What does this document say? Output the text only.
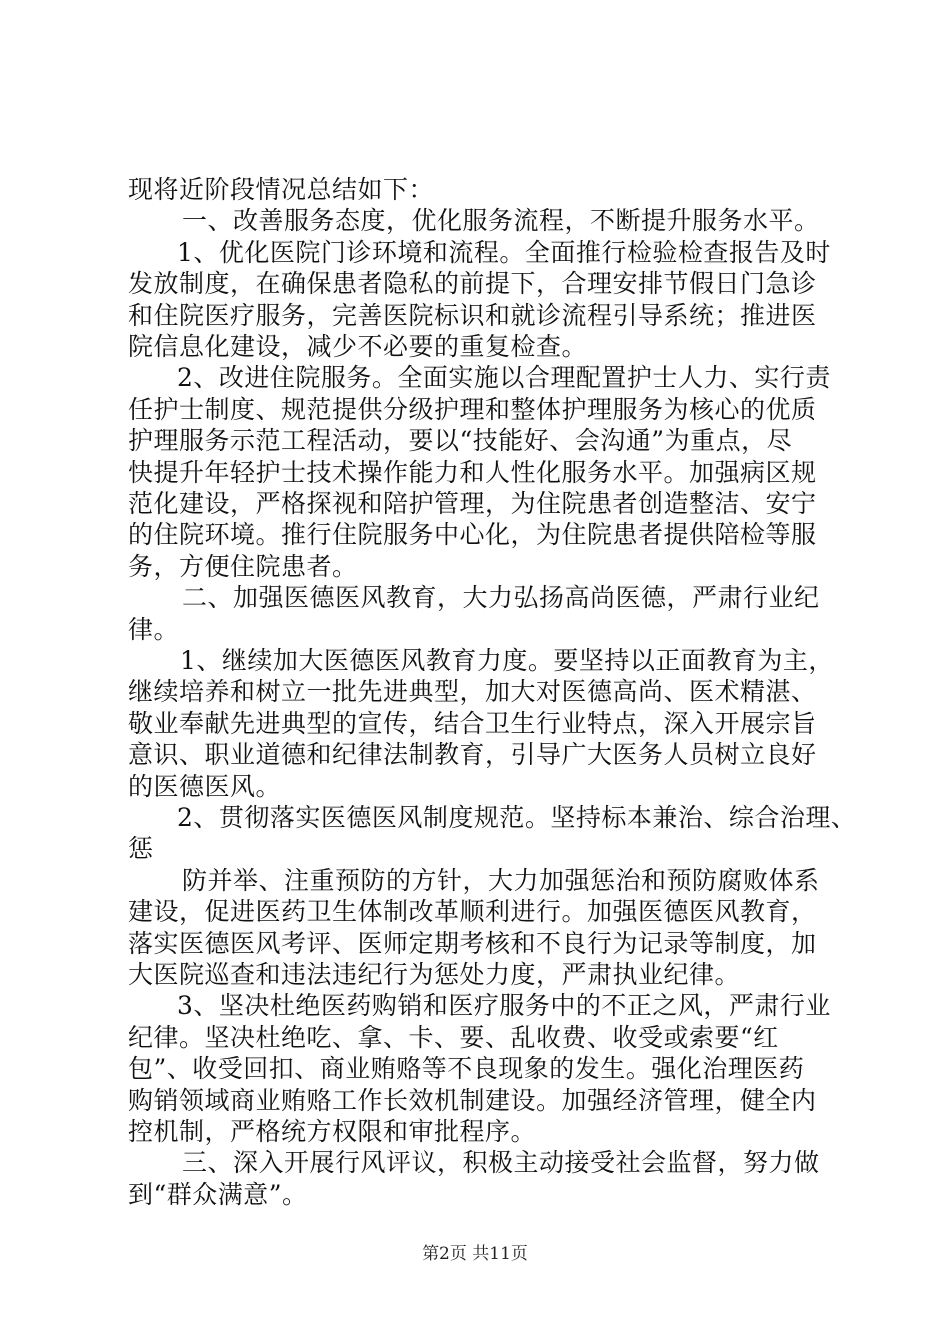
现将近阶段情况总结如下：
一、改善服务态度，优化服务流程，不断提升服务水平。
1、优化医院门诊环境和流程。全面推行检验检查报告及时
发放制度，在确保患者隐私的前提下，合理安排节假日门急诊
和住院医疗服务，完善医院标识和就诊流程引导系统；推进医
院信息化建设，减少不必要的重复检查。
2、改进住院服务。全面实施以合理配置护士人力、实行责
任护士制度、规范提供分级护理和整体护理服务为核心的优质
护理服务示范工程活动，要以“技能好、会沟通”为重点，尽
快提升年轻护士技术操作能力和人性化服务水平。加强病区规
范化建设，严格探视和陪护管理，为住院患者创造整洁、安宁
的住院环境。推行住院服务中心化，为住院患者提供陪检等服
务，方便住院患者。
二、加强医德医风教育，大力弘扬高尚医德，严肃行业纪
律。
1、继续加大医德医风教育力度。要坚持以正面教育为主，
继续培养和树立一批先进典型，加大对医德高尚、医术精湛、
敬业奉献先进典型的宣传，结合卫生行业特点，深入开展宗旨
意识、职业道德和纪律法制教育，引导广大医务人员树立良好
的医德医风。
2、贯彻落实医德医风制度规范。坚持标本兼治、综合治理、
惩
防并举、注重预防的方针，大力加强惩治和预防腐败体系
建设，促进医药卫生体制改革顺利进行。加强医德医风教育，
落实医德医风考评、医师定期考核和不良行为记录等制度，加
大医院巡查和违法违纪行为惩处力度，严肃执业纪律。
3、坚决杜绝医药购销和医疗服务中的不正之风，严肃行业
纪律。坚决杜绝吃、拿、卡、要、乱收费、收受或索要“红
包”、收受回扣、商业贿赂等不良现象的发生。强化治理医药
购销领域商业贿赂工作长效机制建设。加强经济管理，健全内
控机制，严格统方权限和审批程序。
三、深入开展行风评议，积极主动接受社会监督，努力做
到“群众满意”。
第2页 共11页
